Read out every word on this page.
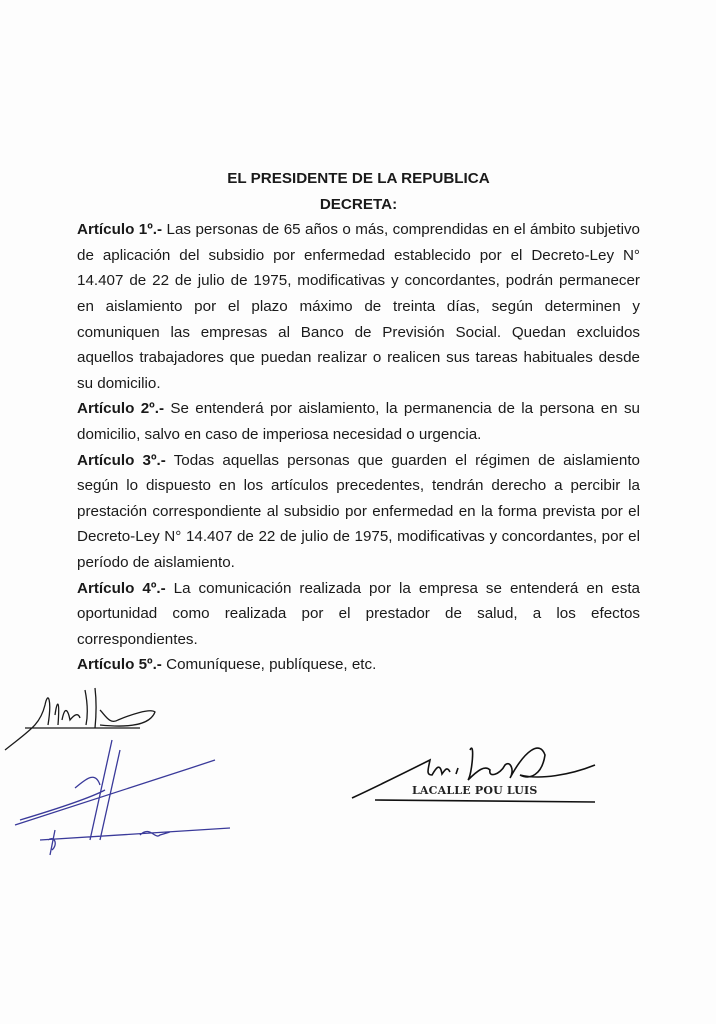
EL PRESIDENTE DE LA REPUBLICA
DECRETA:

Artículo 1º.- Las personas de 65 años o más, comprendidas en el ámbito subjetivo de aplicación del subsidio por enfermedad establecido por el Decreto-Ley N° 14.407 de 22 de julio de 1975, modificativas y concordantes, podrán permanecer en aislamiento por el plazo máximo de treinta días, según determinen y comuniquen las empresas al Banco de Previsión Social. Quedan excluidos aquellos trabajadores que puedan realizar o realicen sus tareas habituales desde su domicilio.

Artículo 2º.- Se entenderá por aislamiento, la permanencia de la persona en su domicilio, salvo en caso de imperiosa necesidad o urgencia.

Artículo 3º.- Todas aquellas personas que guarden el régimen de aislamiento según lo dispuesto en los artículos precedentes, tendrán derecho a percibir la prestación correspondiente al subsidio por enfermedad en la forma prevista por el Decreto-Ley N° 14.407 de 22 de julio de 1975, modificativas y concordantes, por el período de aislamiento.

Artículo 4º.- La comunicación realizada por la empresa se entenderá en esta oportunidad como realizada por el prestador de salud, a los efectos correspondientes.

Artículo 5º.- Comuníquese, publíquese, etc.

LACALLE POU LUIS
